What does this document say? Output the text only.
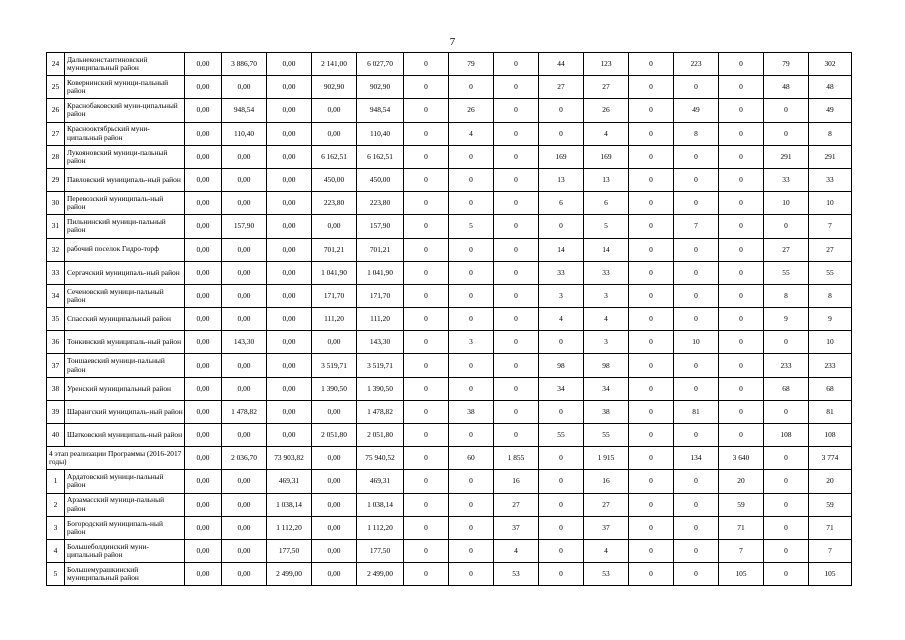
7
24	Дальнеконстантиновский муниципальный район	0,00	3 886,70	0,00	2 141,00	6 027,70	0	79	0	44	123	0	223	0	79	302
25	Ковернинский муници-пальный район	0,00	0,00	0,00	902,90	902,90	0	0	0	27	27	0	0	0	48	48
26	Краснобаковский муни-ципальный район	0,00	948,54	0,00	0,00	948,54	0	26	0	0	26	0	49	0	0	49
27	Краснооктябрьский муни-ципальный район	0,00	110,40	0,00	0,00	110,40	0	4	0	0	4	0	8	0	0	8
28	Лукояновский муници-пальный район	0,00	0,00	0,00	6 162,51	6 162,51	0	0	0	169	169	0	0	0	291	291
29	Павловский муниципаль-ный район	0,00	0,00	0,00	450,00	450,00	0	0	0	13	13	0	0	0	33	33
30	Перевозский муниципаль-ный район	0,00	0,00	0,00	223,80	223,80	0	0	0	6	6	0	0	0	10	10
31	Пильнинский муници-пальный район	0,00	157,90	0,00	0,00	157,90	0	5	0	0	5	0	7	0	0	7
32	рабочий поселок Гидро-торф	0,00	0,00	0,00	701,21	701,21	0	0	0	14	14	0	0	0	27	27
33	Сергачский муниципаль-ный район	0,00	0,00	0,00	1 041,90	1 041,90	0	0	0	33	33	0	0	0	55	55
34	Сеченовский муници-пальный район	0,00	0,00	0,00	171,70	171,70	0	0	0	3	3	0	0	0	8	8
35	Спасский муниципальный район	0,00	0,00	0,00	111,20	111,20	0	0	0	4	4	0	0	0	9	9
36	Тонкинский муниципаль-ный район	0,00	143,30	0,00	0,00	143,30	0	3	0	0	3	0	10	0	0	10
37	Тоншаевский муници-пальный район	0,00	0,00	0,00	3 519,71	3 519,71	0	0	0	98	98	0	0	0	233	233
38	Уренский муниципальный район	0,00	0,00	0,00	1 390,50	1 390,50	0	0	0	34	34	0	0	0	68	68
39	Шарангский муниципаль-ный район	0,00	1 478,82	0,00	0,00	1 478,82	0	38	0	0	38	0	81	0	0	81
40	Шатковский муниципаль-ный район	0,00	0,00	0,00	2 051,80	2 051,80	0	0	0	55	55	0	0	0	108	108
4 этап реализации Программы (2016-2017 годы)		0,00	2 036,70	73 903,82	0,00	75 940,52	0	60	1 855	0	1 915	0	134	3 640	0	3 774
1	Ардатовский муници-пальный район	0,00	0,00	469,31	0,00	469,31	0	0	16	0	16	0	0	20	0	20
2	Арзамасский муници-пальный район	0,00	0,00	1 038,14	0,00	1 038,14	0	0	27	0	27	0	0	59	0	59
3	Богородский муниципаль-ный район	0,00	0,00	1 112,20	0,00	1 112,20	0	0	37	0	37	0	0	71	0	71
4	Большеболдинский муни-ципальный район	0,00	0,00	177,50	0,00	177,50	0	0	4	0	4	0	0	7	0	7
5	Большемурашкинский муниципальный район	0,00	0,00	2 499,00	0,00	2 499,00	0	0	53	0	53	0	0	105	0	105
